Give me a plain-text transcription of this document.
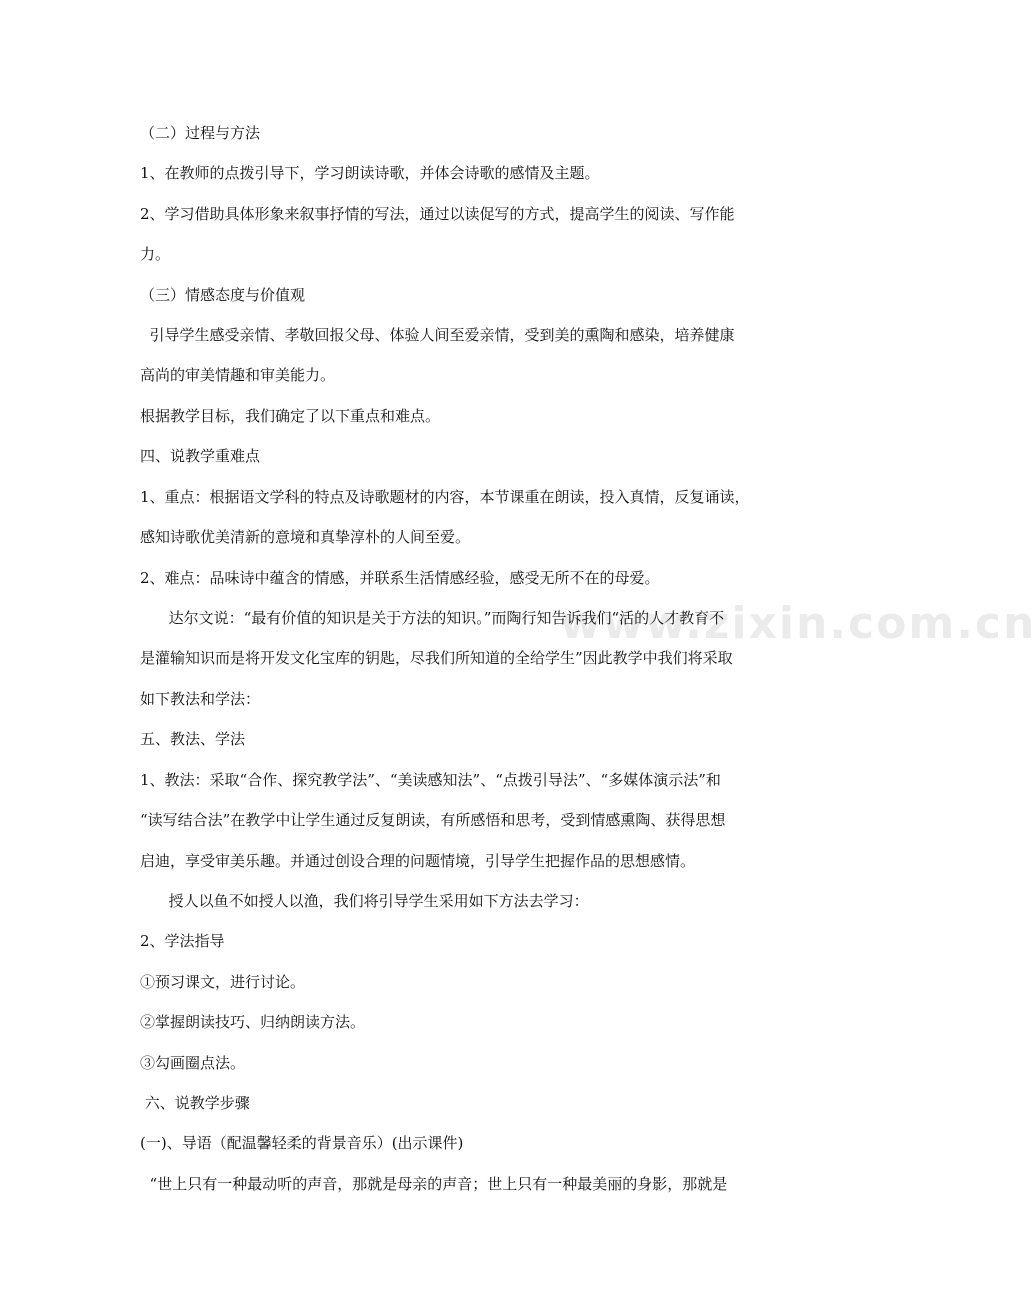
www.zixin.com.cn
（二）过程与方法
1、在教师的点拨引导下，学习朗读诗歌，并体会诗歌的感情及主题。
2、学习借助具体形象来叙事抒情的写法，通过以读促写的方式，提高学生的阅读、写作能
力。
（三）情感态度与价值观
引导学生感受亲情、孝敬回报父母、体验人间至爱亲情，受到美的熏陶和感染，培养健康
高尚的审美情趣和审美能力。
根据教学目标，我们确定了以下重点和难点。
四、说教学重难点
1、重点：根据语文学科的特点及诗歌题材的内容，本节课重在朗读，投入真情，反复诵读，
感知诗歌优美清新的意境和真挚淳朴的人间至爱。
2、难点：品味诗中蕴含的情感，并联系生活情感经验，感受无所不在的母爱。
达尔文说：“最有价值的知识是关于方法的知识。”而陶行知告诉我们“活的人才教育不
是灌输知识而是将开发文化宝库的钥匙，尽我们所知道的全给学生”因此教学中我们将采取
如下教法和学法：
五、教法、学法
1、教法：采取“合作、探究教学法”、“美读感知法”、“点拨引导法”、“多媒体演示法”和
“读写结合法”在教学中让学生通过反复朗读，有所感悟和思考，受到情感熏陶、获得思想
启迪，享受审美乐趣。并通过创设合理的问题情境，引导学生把握作品的思想感情。
授人以鱼不如授人以渔，我们将引导学生采用如下方法去学习：
2、学法指导
①预习课文，进行讨论。
②掌握朗读技巧、归纳朗读方法。
③勾画圈点法。
六、说教学步骤
(一)、导语（配温馨轻柔的背景音乐）(出示课件)
“世上只有一种最动听的声音，那就是母亲的声音；世上只有一种最美丽的身影，那就是
